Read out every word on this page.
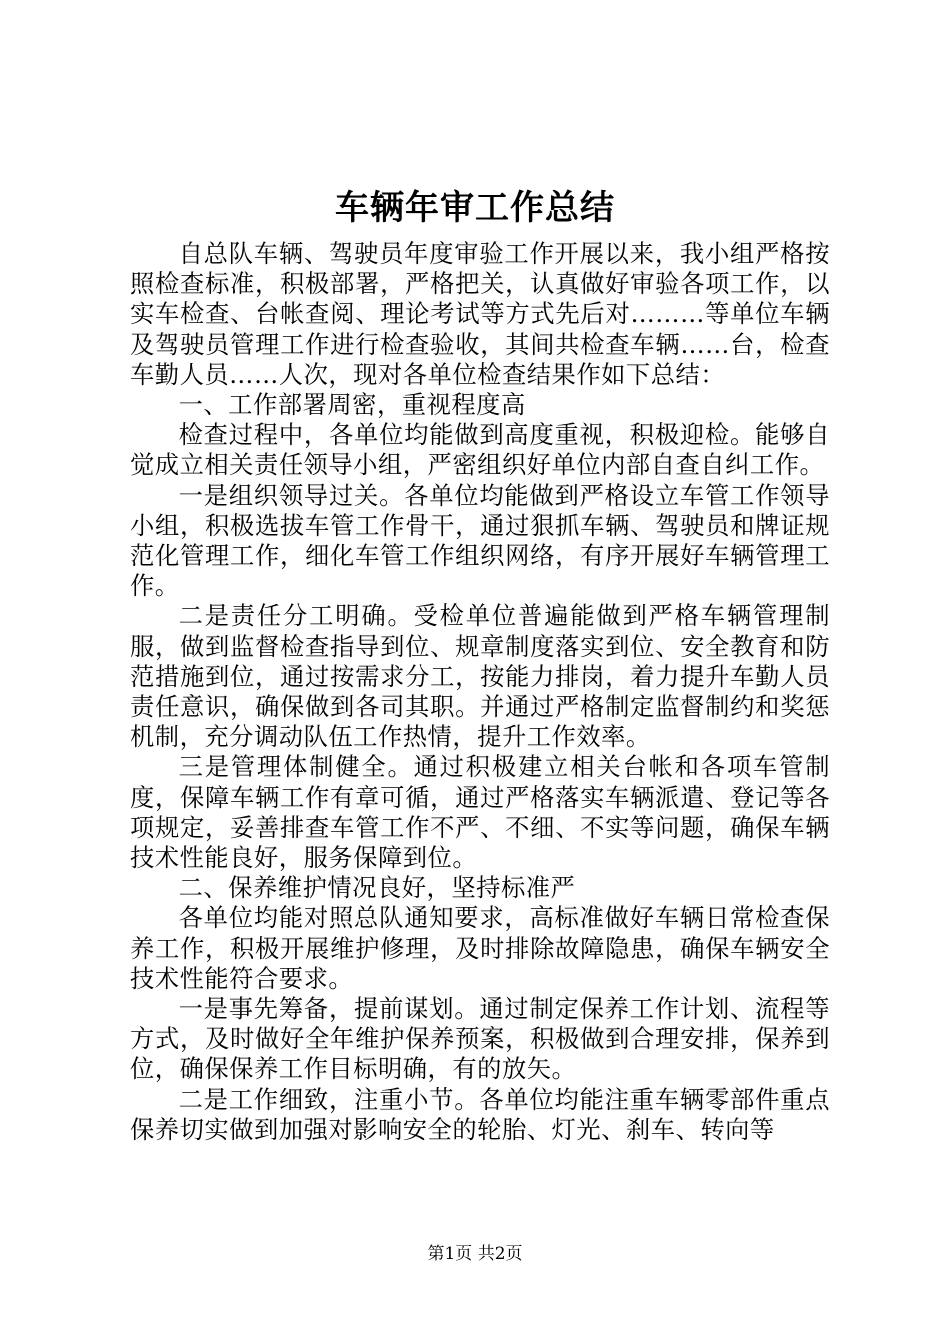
车辆年审工作总结

自总队车辆、驾驶员年度审验工作开展以来，我小组严格按照检查标准，积极部署，严格把关，认真做好审验各项工作，以实车检查、台帐查阅、理论考试等方式先后对………等单位车辆及驾驶员管理工作进行检查验收，其间共检查车辆……台，检查车勤人员……人次，现对各单位检查结果作如下总结：

一、工作部署周密，重视程度高

检查过程中，各单位均能做到高度重视，积极迎检。能够自觉成立相关责任领导小组，严密组织好单位内部自查自纠工作。

一是组织领导过关。各单位均能做到严格设立车管工作领导小组，积极选拔车管工作骨干，通过狠抓车辆、驾驶员和牌证规范化管理工作，细化车管工作组织网络，有序开展好车辆管理工作。

二是责任分工明确。受检单位普遍能做到严格车辆管理制服，做到监督检查指导到位、规章制度落实到位、安全教育和防范措施到位，通过按需求分工，按能力排岗，着力提升车勤人员责任意识，确保做到各司其职。并通过严格制定监督制约和奖惩机制，充分调动队伍工作热情，提升工作效率。

三是管理体制健全。通过积极建立相关台帐和各项车管制度，保障车辆工作有章可循，通过严格落实车辆派遣、登记等各项规定，妥善排查车管工作不严、不细、不实等问题，确保车辆技术性能良好，服务保障到位。

二、保养维护情况良好，坚持标准严

各单位均能对照总队通知要求，高标准做好车辆日常检查保养工作，积极开展维护修理，及时排除故障隐患，确保车辆安全技术性能符合要求。

一是事先筹备，提前谋划。通过制定保养工作计划、流程等方式，及时做好全年维护保养预案，积极做到合理安排，保养到位，确保保养工作目标明确，有的放矢。

二是工作细致，注重小节。各单位均能注重车辆零部件重点保养切实做到加强对影响安全的轮胎、灯光、刹车、转向等

第1页 共2页
